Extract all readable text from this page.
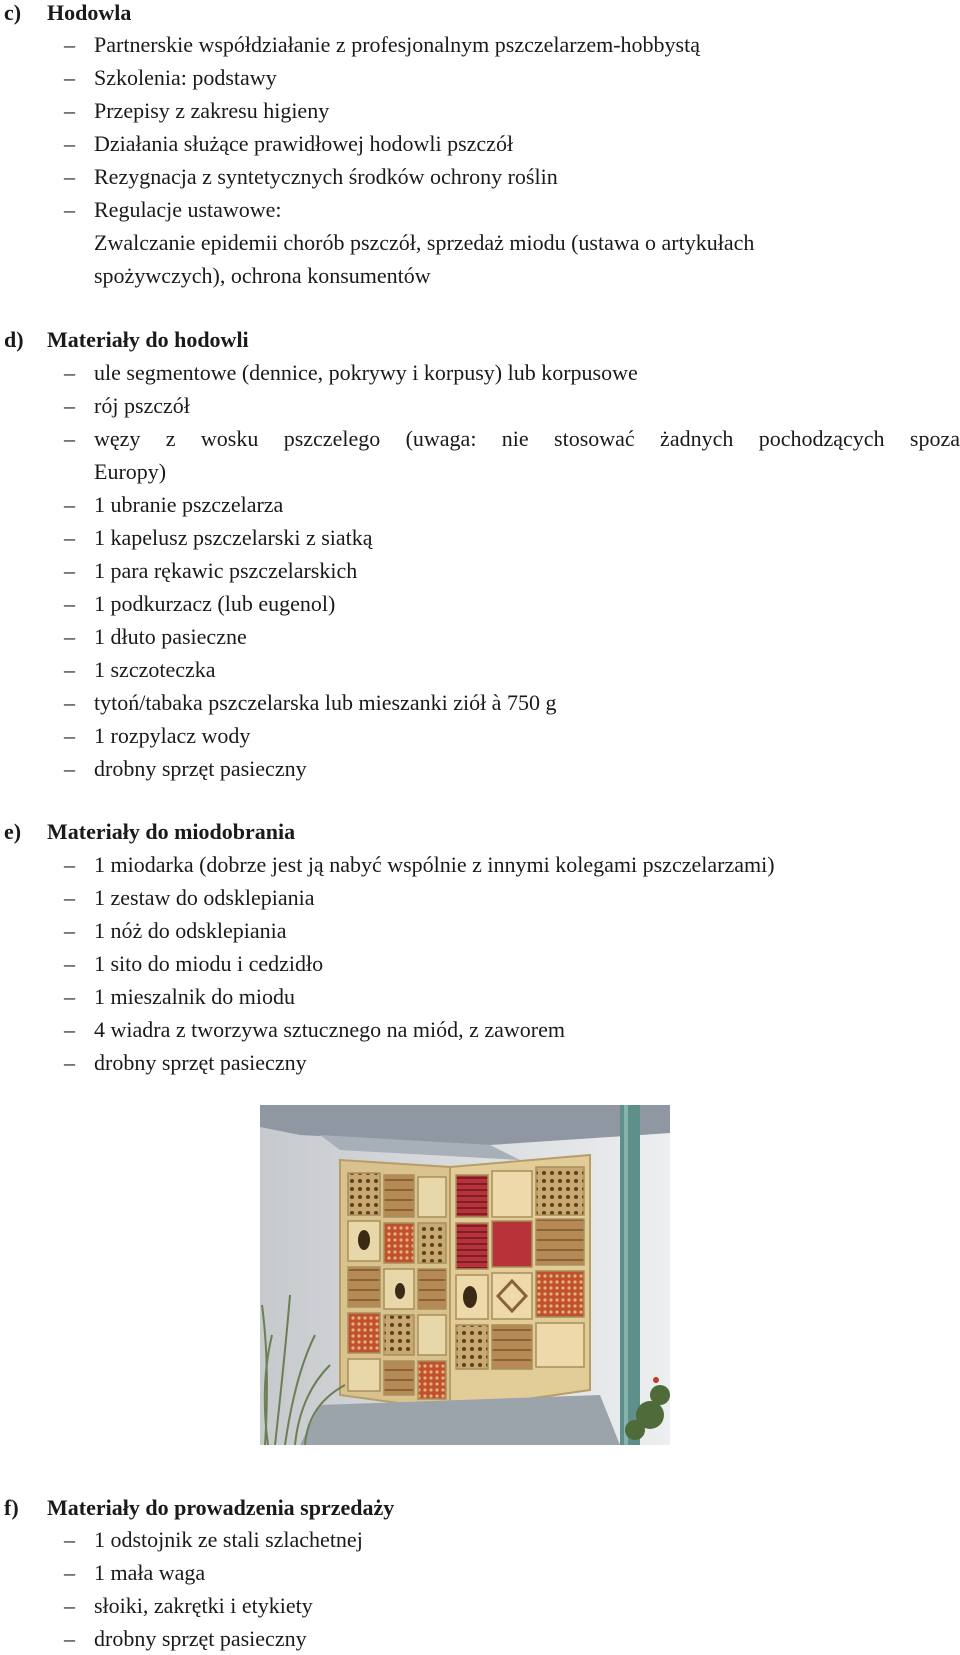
c) Hodowla
– Partnerskie współdziałanie z profesjonalnym pszczelarzem-hobbystą
– Szkolenia: podstawy
– Przepisy z zakresu higieny
– Działania służące prawidłowej hodowli pszczół
– Rezygnacja z syntetycznych środków ochrony roślin
– Regulacje ustawowe:
Zwalczanie epidemii chorób pszczół, sprzedaż miodu (ustawa o artykułach
spożywczych), ochrona konsumentów
d) Materiały do hodowli
– ule segmentowe (dennice, pokrywy i korpusy) lub korpusowe
– rój pszczół
– węzy z wosku pszczelego (uwaga: nie stosować żadnych pochodzących spoza
Europy)
– 1 ubranie pszczelarza
– 1 kapelusz pszczelarski z siatką
– 1 para rękawic pszczelarskich
– 1 podkurzacz (lub eugenol)
– 1 dłuto pasieczne
– 1 szczoteczka
– tytoń/tabaka pszczelarska lub mieszanki ziół à 750 g
– 1 rozpylacz wody
– drobny sprzęt pasieczny
e) Materiały do miodobrania
– 1 miodarka (dobrze jest ją nabyć wspólnie z innymi kolegami pszczelarzami)
– 1 zestaw do odsklepiania
– 1 nóż do odsklepiania
– 1 sito do miodu i cedzidło
– 1 mieszalnik do miodu
– 4 wiadra z tworzywa sztucznego na miód, z zaworem
– drobny sprzęt pasieczny
f) Materiały do prowadzenia sprzedaży
– 1 odstojnik ze stali szlachetnej
– 1 mała waga
– słoiki, zakrętki i etykiety
– drobny sprzęt pasieczny
